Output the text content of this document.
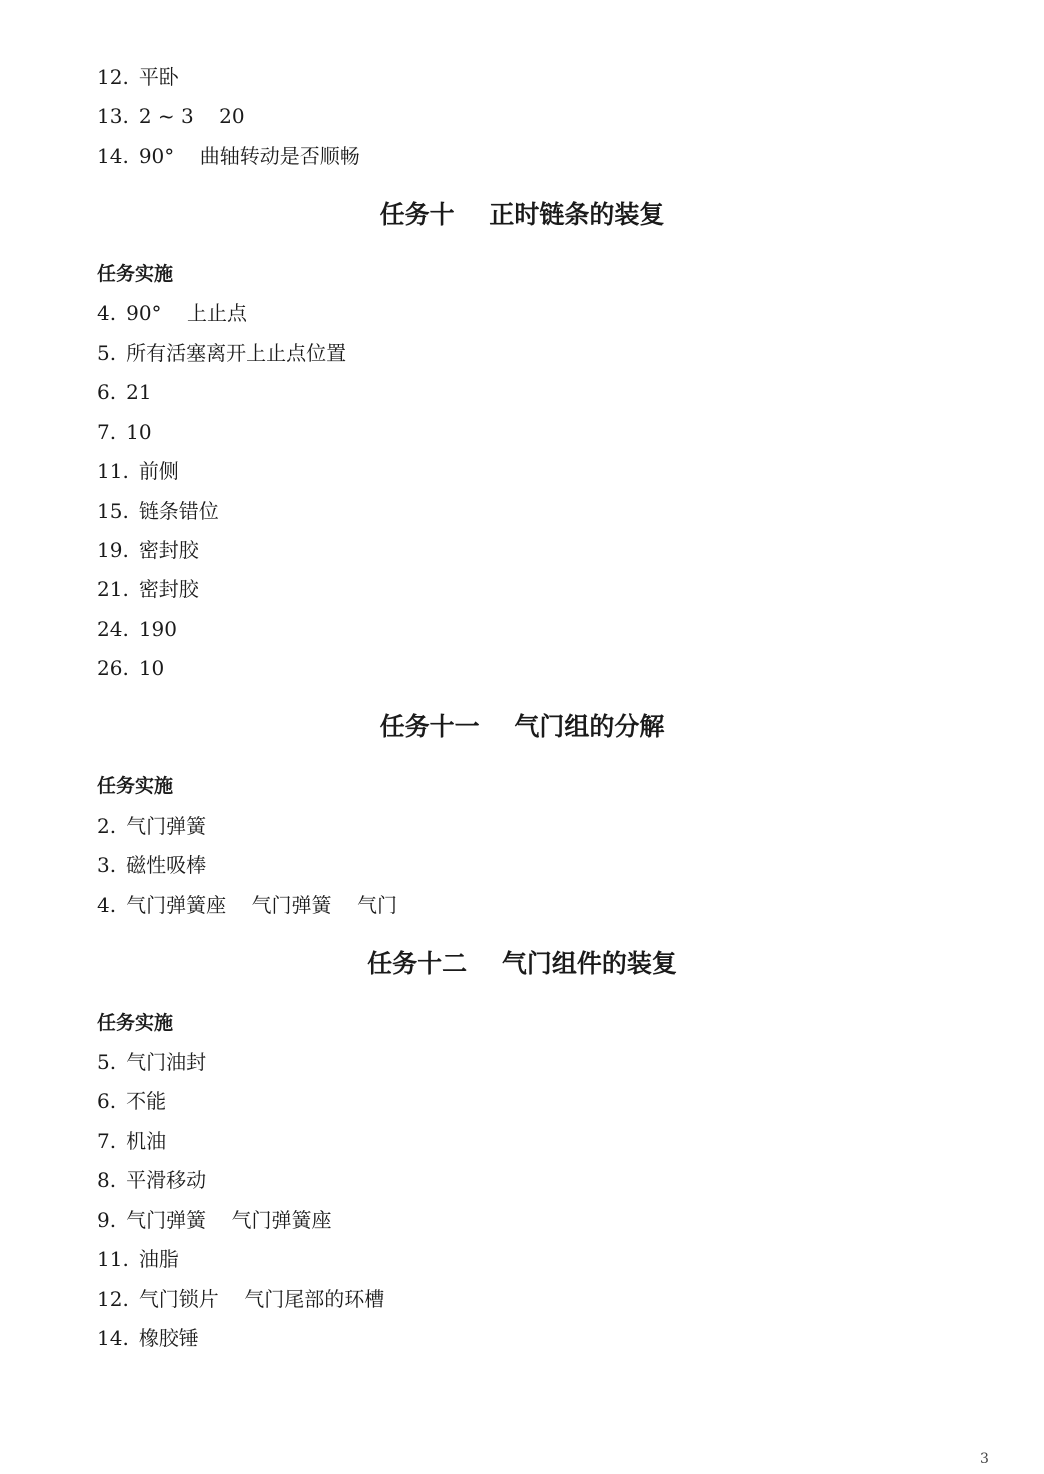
12. 平卧
13. 2 ~ 3    20
14. 90°    曲轴转动是否顺畅
任务十    正时链条的装复
任务实施
4. 90°    上止点
5. 所有活塞离开上止点位置
6. 21
7. 10
11. 前侧
15. 链条错位
19. 密封胶
21. 密封胶
24. 190
26. 10
任务十一    气门组的分解
任务实施
2. 气门弹簧
3. 磁性吸棒
4. 气门弹簧座    气门弹簧    气门
任务十二    气门组件的装复
任务实施
5. 气门油封
6. 不能
7. 机油
8. 平滑移动
9. 气门弹簧    气门弹簧座
11. 油脂
12. 气门锁片    气门尾部的环槽
14. 橡胶锤
3
